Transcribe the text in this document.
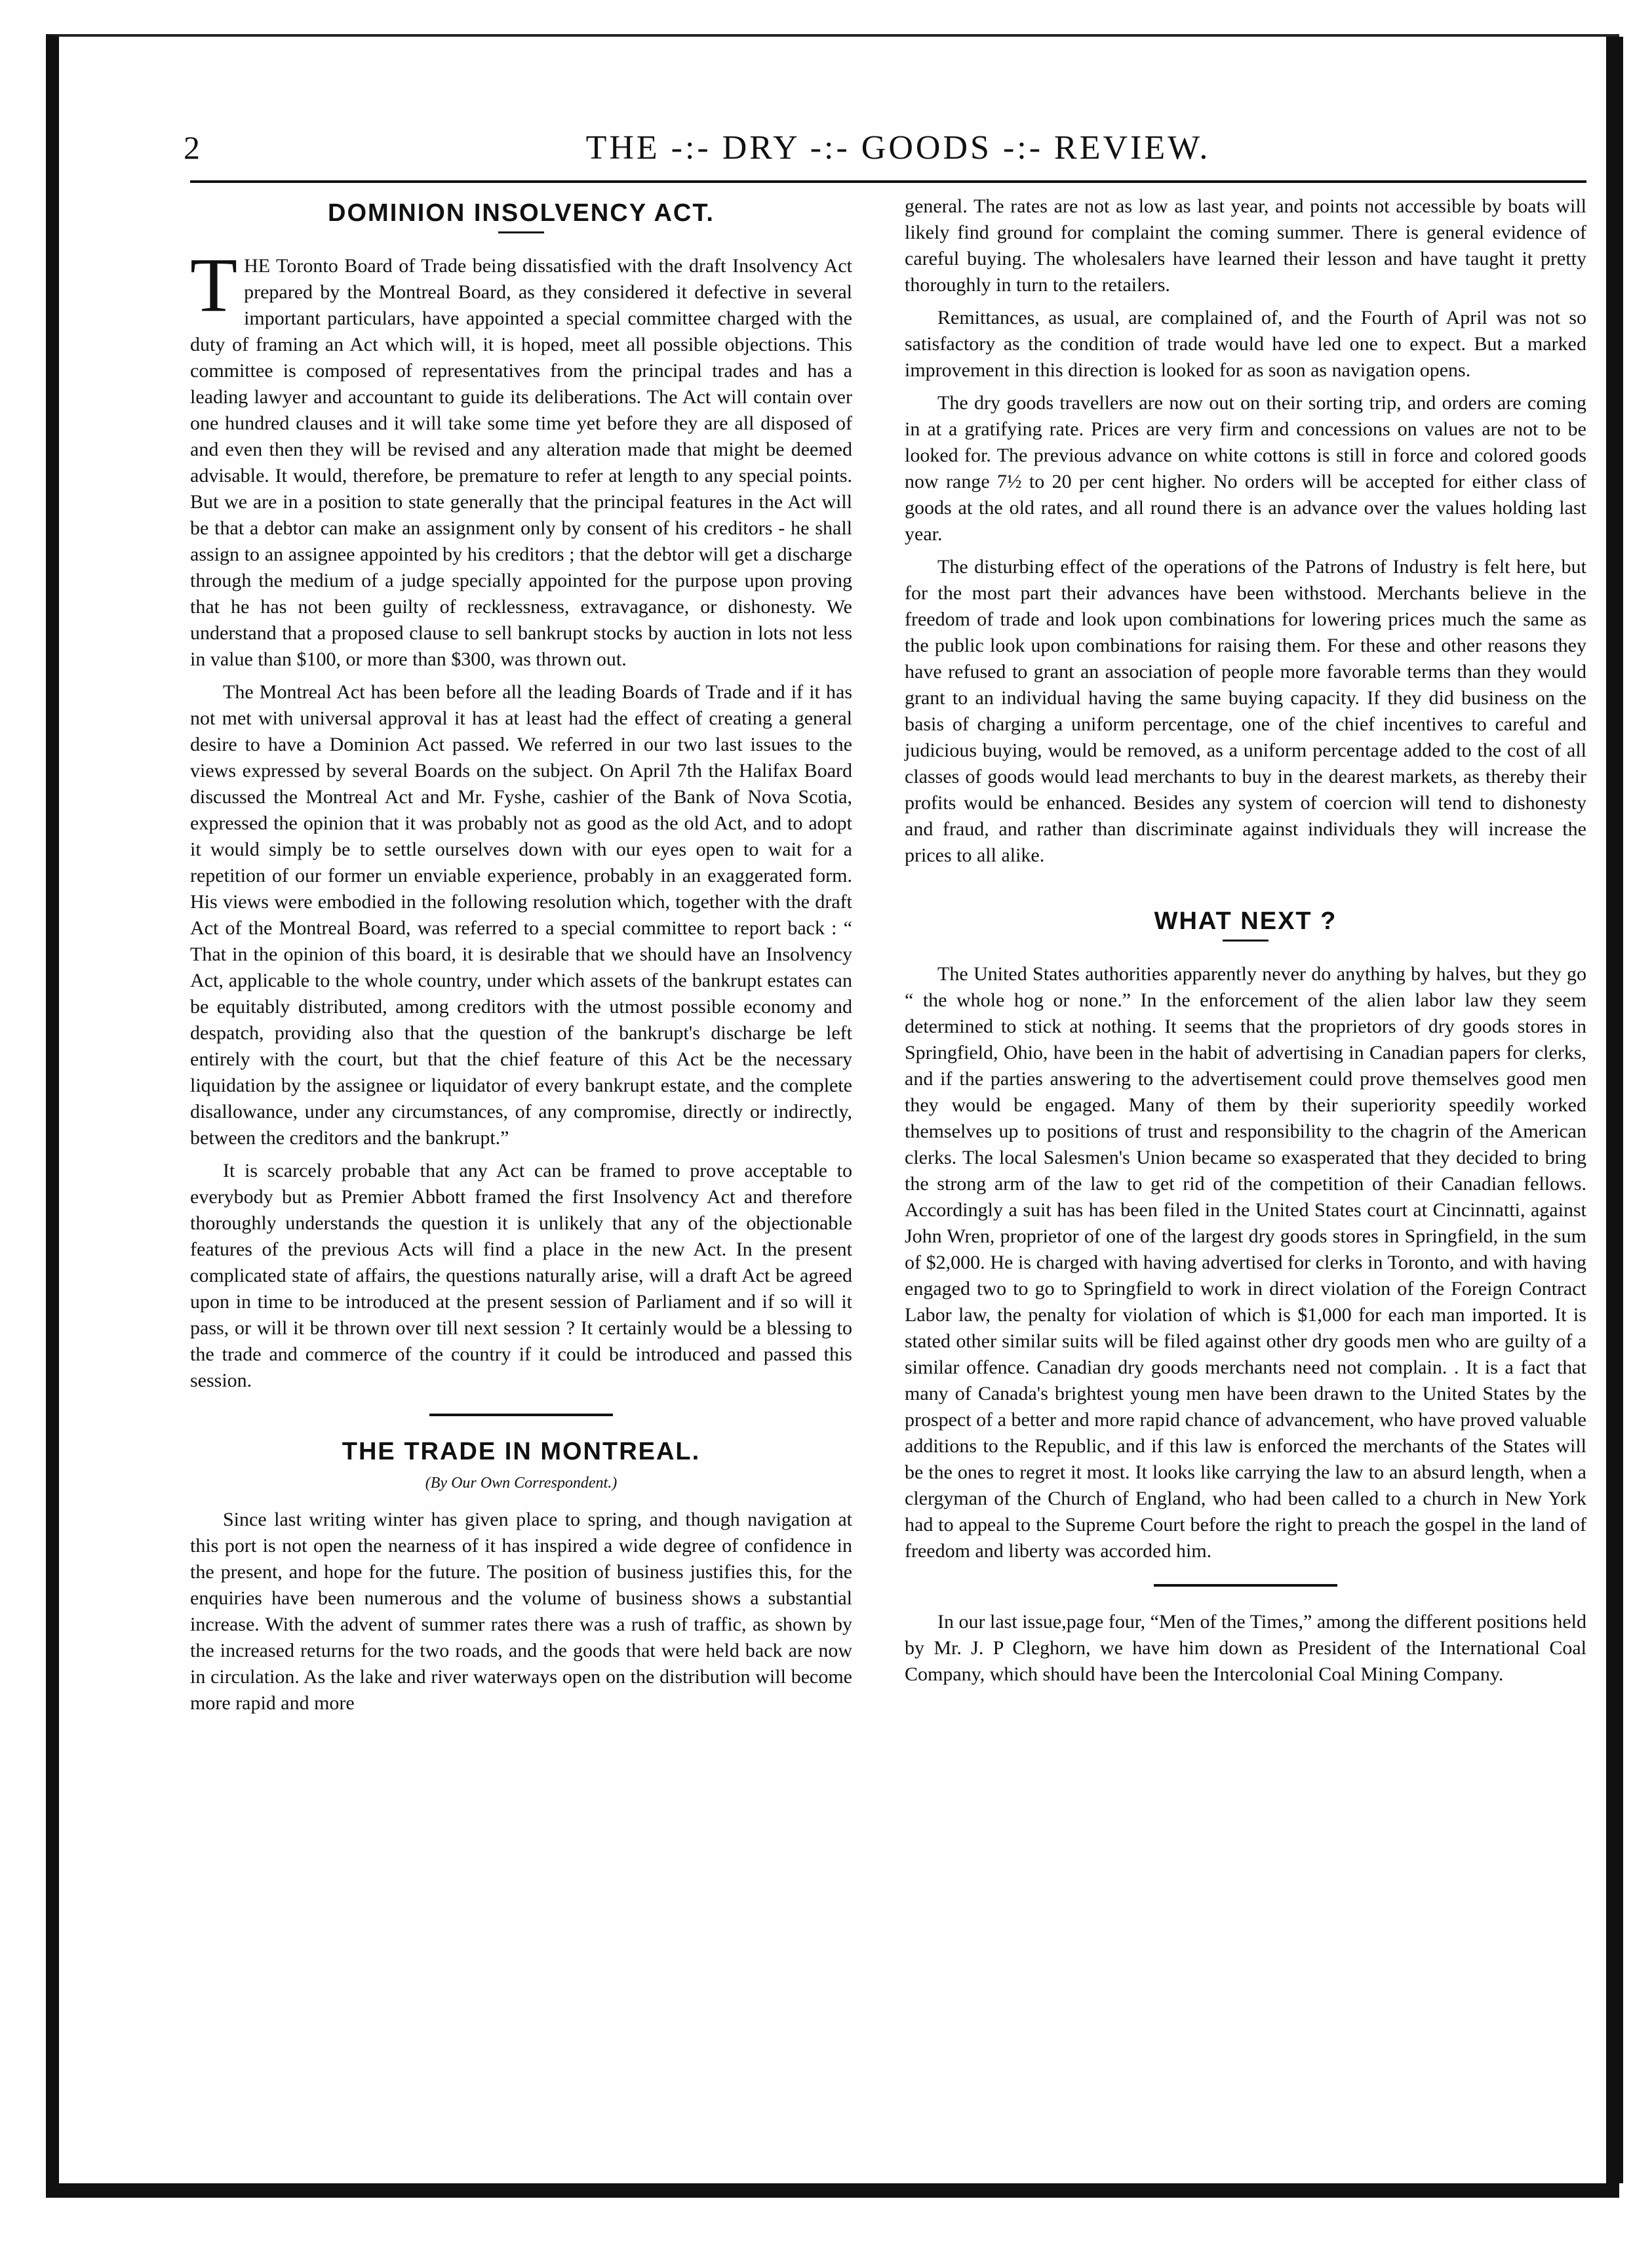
2	THE -:- DRY -:- GOODS -:- REVIEW.
DOMINION INSOLVENCY ACT.

THE Toronto Board of Trade being dissatisfied with the draft Insolvency Act prepared by the Montreal Board, as they considered it defective in several important particulars, have appointed a special committee charged with the duty of framing an Act which will, it is hoped, meet all possible objections. This committee is composed of representatives from the principal trades and has a leading lawyer and accountant to guide its deliberations. The Act will contain over one hundred clauses and it will take some time yet before they are all disposed of and even then they will be revised and any alteration made that might be deemed advisable. It would, therefore, be premature to refer at length to any special points. But we are in a position to state generally that the principal features in the Act will be that a debtor can make an assignment only by consent of his creditors - he shall assign to an assignee appointed by his creditors ; that the debtor will get a discharge through the medium of a judge specially appointed for the purpose upon proving that he has not been guilty of recklessness, extravagance, or dishonesty. We understand that a proposed clause to sell bankrupt stocks by auction in lots not less in value than $100, or more than $300, was thrown out.

The Montreal Act has been before all the leading Boards of Trade and if it has not met with universal approval it has at least had the effect of creating a general desire to have a Dominion Act passed. We referred in our two last issues to the views expressed by several Boards on the subject. On April 7th the Halifax Board discussed the Montreal Act and Mr. Fyshe, cashier of the Bank of Nova Scotia, expressed the opinion that it was probably not as good as the old Act, and to adopt it would simply be to settle ourselves down with our eyes open to wait for a repetition of our former un enviable experience, probably in an exaggerated form. His views were embodied in the following resolution which, together with the draft Act of the Montreal Board, was referred to a special committee to report back : “ That in the opinion of this board, it is desirable that we should have an Insolvency Act, applicable to the whole country, under which assets of the bankrupt estates can be equitably distributed, among creditors with the utmost possible economy and despatch, providing also that the question of the bankrupt's discharge be left entirely with the court, but that the chief feature of this Act be the necessary liquidation by the assignee or liquidator of every bankrupt estate, and the complete disallowance, under any circumstances, of any compromise, directly or indirectly, between the creditors and the bankrupt.”

It is scarcely probable that any Act can be framed to prove acceptable to everybody but as Premier Abbott framed the first Insolvency Act and therefore thoroughly understands the question it is unlikely that any of the objectionable features of the previous Acts will find a place in the new Act. In the present complicated state of affairs, the questions naturally arise, will a draft Act be agreed upon in time to be introduced at the present session of Parliament and if so will it pass, or will it be thrown over till next session ? It certainly would be a blessing to the trade and commerce of the country if it could be introduced and passed this session.

THE TRADE IN MONTREAL.
(By Our Own Correspondent.)

Since last writing winter has given place to spring, and though navigation at this port is not open the nearness of it has inspired a wide degree of confidence in the present, and hope for the future. The position of business justifies this, for the enquiries have been numerous and the volume of business shows a substantial increase. With the advent of summer rates there was a rush of traffic, as shown by the increased returns for the two roads, and the goods that were held back are now in circulation. As the lake and river waterways open on the distribution will become more rapid and more

general. The rates are not as low as last year, and points not accessible by boats will likely find ground for complaint the coming summer. There is general evidence of careful buying. The wholesalers have learned their lesson and have taught it pretty thoroughly in turn to the retailers.

Remittances, as usual, are complained of, and the Fourth of April was not so satisfactory as the condition of trade would have led one to expect. But a marked improvement in this direction is looked for as soon as navigation opens.

The dry goods travellers are now out on their sorting trip, and orders are coming in at a gratifying rate. Prices are very firm and concessions on values are not to be looked for. The previous advance on white cottons is still in force and colored goods now range 7½ to 20 per cent higher. No orders will be accepted for either class of goods at the old rates, and all round there is an advance over the values holding last year.

The disturbing effect of the operations of the Patrons of Industry is felt here, but for the most part their advances have been withstood. Merchants believe in the freedom of trade and look upon combinations for lowering prices much the same as the public look upon combinations for raising them. For these and other reasons they have refused to grant an association of people more favorable terms than they would grant to an individual having the same buying capacity. If they did business on the basis of charging a uniform percentage, one of the chief incentives to careful and judicious buying, would be removed, as a uniform percentage added to the cost of all classes of goods would lead merchants to buy in the dearest markets, as thereby their profits would be enhanced. Besides any system of coercion will tend to dishonesty and fraud, and rather than discriminate against individuals they will increase the prices to all alike.

WHAT NEXT ?

The United States authorities apparently never do anything by halves, but they go “ the whole hog or none.” In the enforcement of the alien labor law they seem determined to stick at nothing. It seems that the proprietors of dry goods stores in Springfield, Ohio, have been in the habit of advertising in Canadian papers for clerks, and if the parties answering to the advertisement could prove themselves good men they would be engaged. Many of them by their superiority speedily worked themselves up to positions of trust and responsibility to the chagrin of the American clerks. The local Salesmen's Union became so exasperated that they decided to bring the strong arm of the law to get rid of the competition of their Canadian fellows. Accordingly a suit has has been filed in the United States court at Cincinnatti, against John Wren, proprietor of one of the largest dry goods stores in Springfield, in the sum of $2,000. He is charged with having advertised for clerks in Toronto, and with having engaged two to go to Springfield to work in direct violation of the Foreign Contract Labor law, the penalty for violation of which is $1,000 for each man imported. It is stated other similar suits will be filed against other dry goods men who are guilty of a similar offence. Canadian dry goods merchants need not complain. . It is a fact that many of Canada's brightest young men have been drawn to the United States by the prospect of a better and more rapid chance of advancement, who have proved valuable additions to the Republic, and if this law is enforced the merchants of the States will be the ones to regret it most. It looks like carrying the law to an absurd length, when a clergyman of the Church of England, who had been called to a church in New York had to appeal to the Supreme Court before the right to preach the gospel in the land of freedom and liberty was accorded him.

In our last issue,page four, “Men of the Times,” among the different positions held by Mr. J. P Cleghorn, we have him down as President of the International Coal Company, which should have been the Intercolonial Coal Mining Company.
